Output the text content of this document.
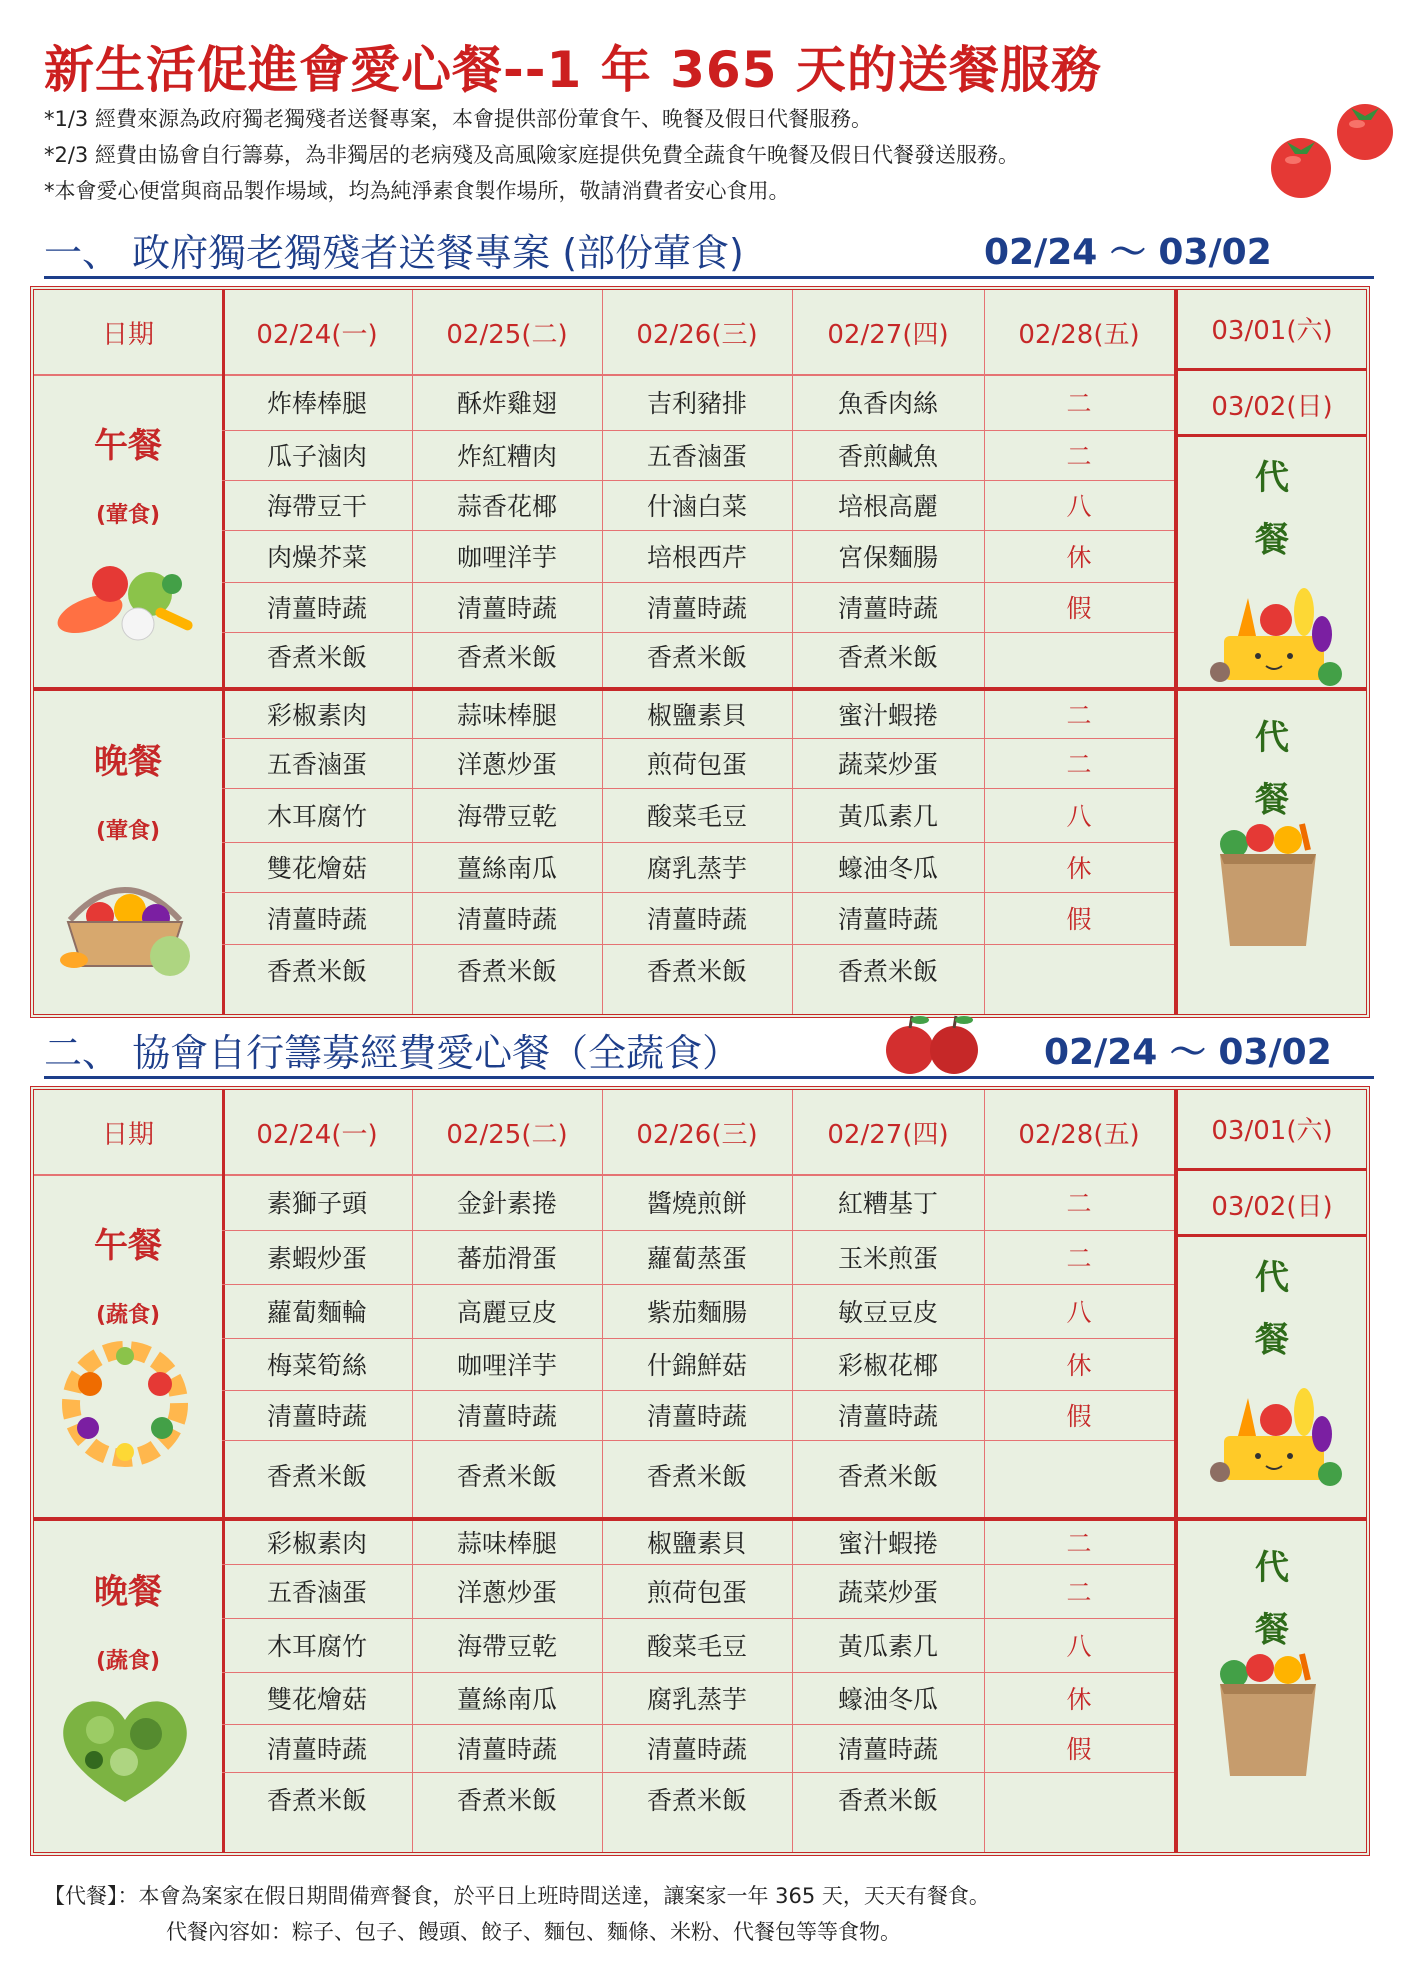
新生活促進會愛心餐--1 年 365 天的送餐服務
*1/3 經費來源為政府獨老獨殘者送餐專案，本會提供部份葷食午、晚餐及假日代餐服務。
*2/3 經費由協會自行籌募，為非獨居的老病殘及高風險家庭提供免費全蔬食午晚餐及假日代餐發送服務。
*本會愛心便當與商品製作場域，均為純淨素食製作場所，敬請消費者安心食用。
一、 政府獨老獨殘者送餐專案 (部份葷食)	02/24 ～ 03/02
日期	02/24(一)	02/25(二)	02/26(三)	02/27(四)	02/28(五)	03/01(六)
03/02(日)
炸棒棒腿	酥炸雞翅	吉利豬排	魚香肉絲	二
瓜子滷肉	炸紅糟肉	五香滷蛋	香煎鹹魚	二
海帶豆干	蒜香花椰	什滷白菜	培根高麗	八
肉燥芥菜	咖哩洋芋	培根西芹	宮保麵腸	休
清薑時蔬	清薑時蔬	清薑時蔬	清薑時蔬	假
香煮米飯	香煮米飯	香煮米飯	香煮米飯
午餐
(葷食)
代
餐
彩椒素肉	蒜味棒腿	椒鹽素貝	蜜汁蝦捲	二
五香滷蛋	洋蔥炒蛋	煎荷包蛋	蔬菜炒蛋	二
木耳腐竹	海帶豆乾	酸菜毛豆	黃瓜素几	八
雙花燴菇	薑絲南瓜	腐乳蒸芋	蠔油冬瓜	休
清薑時蔬	清薑時蔬	清薑時蔬	清薑時蔬	假
香煮米飯	香煮米飯	香煮米飯	香煮米飯
晚餐
(葷食)
代
餐
二、 協會自行籌募經費愛心餐（全蔬食）	02/24 ～ 03/02
日期	02/24(一)	02/25(二)	02/26(三)	02/27(四)	02/28(五)	03/01(六)
03/02(日)
素獅子頭	金針素捲	醬燒煎餅	紅糟基丁	二
素蝦炒蛋	蕃茄滑蛋	蘿蔔蒸蛋	玉米煎蛋	二
蘿蔔麵輪	高麗豆皮	紫茄麵腸	敏豆豆皮	八
梅菜筍絲	咖哩洋芋	什錦鮮菇	彩椒花椰	休
清薑時蔬	清薑時蔬	清薑時蔬	清薑時蔬	假
香煮米飯	香煮米飯	香煮米飯	香煮米飯
午餐
(蔬食)
代
餐
彩椒素肉	蒜味棒腿	椒鹽素貝	蜜汁蝦捲	二
五香滷蛋	洋蔥炒蛋	煎荷包蛋	蔬菜炒蛋	二
木耳腐竹	海帶豆乾	酸菜毛豆	黃瓜素几	八
雙花燴菇	薑絲南瓜	腐乳蒸芋	蠔油冬瓜	休
清薑時蔬	清薑時蔬	清薑時蔬	清薑時蔬	假
香煮米飯	香煮米飯	香煮米飯	香煮米飯
晚餐
(蔬食)
代
餐
【代餐】：本會為案家在假日期間備齊餐食，於平日上班時間送達，讓案家一年 365 天，天天有餐食。
代餐內容如：粽子、包子、饅頭、餃子、麵包、麵條、米粉、代餐包等等食物。
